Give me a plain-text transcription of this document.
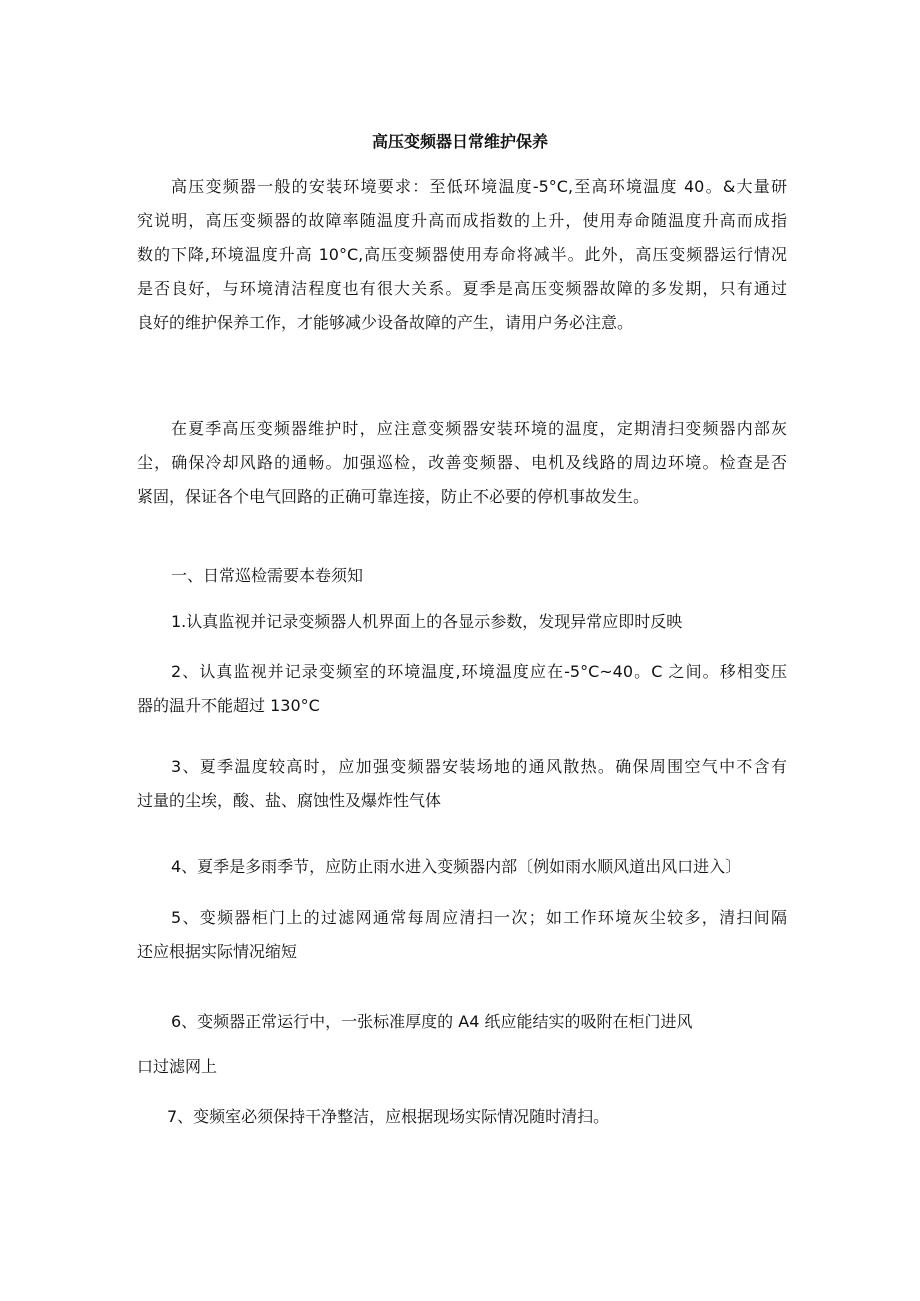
高压变频器日常维护保养
高压变频器一般的安装环境要求：至低环境温度-5°C,至高环境温度 40。&大量研
究说明，高压变频器的故障率随温度升高而成指数的上升，使用寿命随温度升高而成指
数的下降,环境温度升高 10°C,高压变频器使用寿命将减半。此外，高压变频器运行情况
是否良好，与环境清洁程度也有很大关系。夏季是高压变频器故障的多发期，只有通过
良好的维护保养工作，才能够减少设备故障的产生，请用户务必注意。
在夏季高压变频器维护时，应注意变频器安装环境的温度，定期清扫变频器内部灰
尘，确保冷却风路的通畅。加强巡检，改善变频器、电机及线路的周边环境。检查是否
紧固，保证各个电气回路的正确可靠连接，防止不必要的停机事故发生。
一、日常巡检需要本卷须知
1.认真监视并记录变频器人机界面上的各显示参数，发现异常应即时反映
2、认真监视并记录变频室的环境温度,环境温度应在-5°C~40。C 之间。移相变压
器的温升不能超过 130°C
3、夏季温度较高时，应加强变频器安装场地的通风散热。确保周围空气中不含有
过量的尘埃，酸、盐、腐蚀性及爆炸性气体
4、夏季是多雨季节，应防止雨水进入变频器内部〔例如雨水顺风道出风口进入〕
5、变频器柜门上的过滤网通常每周应清扫一次；如工作环境灰尘较多，清扫间隔
还应根据实际情况缩短
6、变频器正常运行中，一张标准厚度的 A4 纸应能结实的吸附在柜门进风
口过滤网上
7、变频室必须保持干净整洁，应根据现场实际情况随时清扫。
